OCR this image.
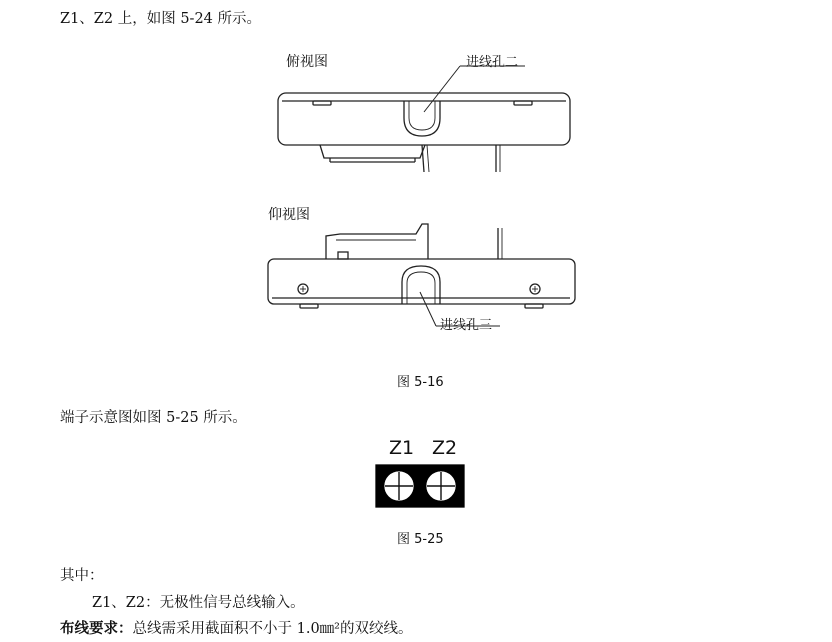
Z1、Z2 上，如图 5-24 所示。
俯视图	进线孔二
仰视图
进线孔三
图 5-16
端子示意图如图 5-25 所示。
Z1 Z2
图 5-25
其中：
Z1、Z2：无极性信号总线输入。
布线要求：总线需采用截面积不小于 1.0㎜²的双绞线。
